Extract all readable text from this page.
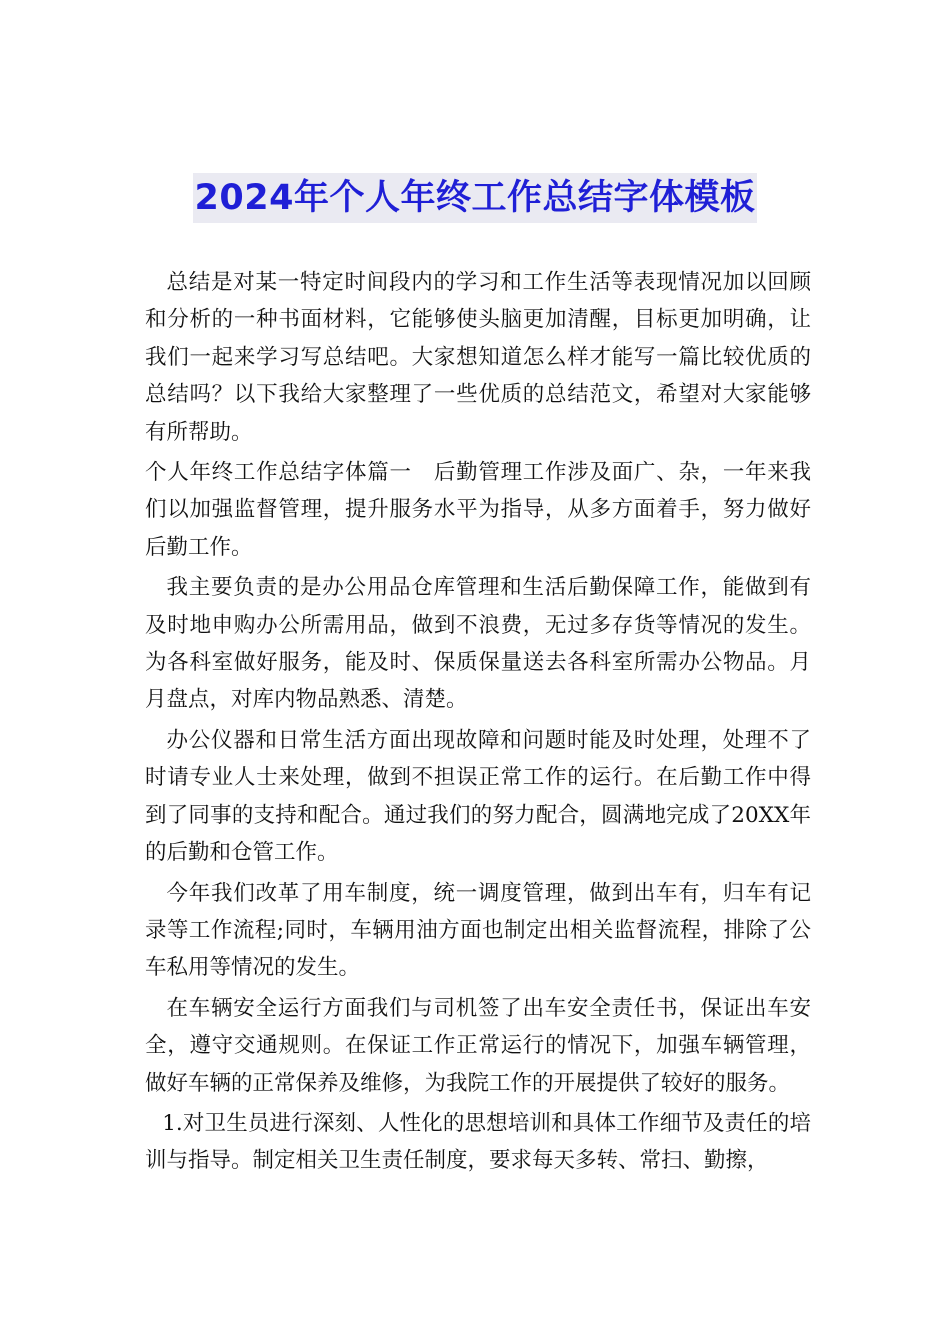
2024年个人年终工作总结字体模板

总结是对某一特定时间段内的学习和工作生活等表现情况加以回顾和分析的一种书面材料，它能够使头脑更加清醒，目标更加明确，让我们一起来学习写总结吧。大家想知道怎么样才能写一篇比较优质的总结吗？以下我给大家整理了一些优质的总结范文，希望对大家能够有所帮助。

个人年终工作总结字体篇一　后勤管理工作涉及面广、杂，一年来我们以加强监督管理，提升服务水平为指导，从多方面着手，努力做好后勤工作。

我主要负责的是办公用品仓库管理和生活后勤保障工作，能做到有及时地申购办公所需用品，做到不浪费，无过多存货等情况的发生。为各科室做好服务，能及时、保质保量送去各科室所需办公物品。月月盘点，对库内物品熟悉、清楚。

办公仪器和日常生活方面出现故障和问题时能及时处理，处理不了时请专业人士来处理，做到不担误正常工作的运行。在后勤工作中得到了同事的支持和配合。通过我们的努力配合，圆满地完成了20XX年的后勤和仓管工作。

今年我们改革了用车制度，统一调度管理，做到出车有，归车有记录等工作流程;同时，车辆用油方面也制定出相关监督流程，排除了公车私用等情况的发生。

在车辆安全运行方面我们与司机签了出车安全责任书，保证出车安全，遵守交通规则。在保证工作正常运行的情况下，加强车辆管理，做好车辆的正常保养及维修，为我院工作的开展提供了较好的服务。

1.对卫生员进行深刻、人性化的思想培训和具体工作细节及责任的培训与指导。制定相关卫生责任制度，要求每天多转、常扫、勤擦，
